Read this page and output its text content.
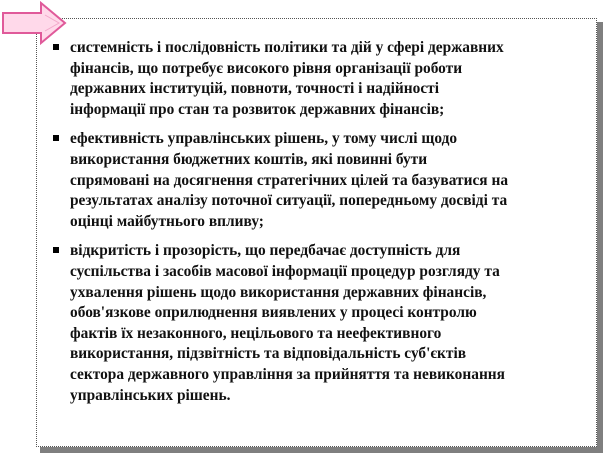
системність і послідовність політики та дій у сфері державних
фінансів, що потребує високого рівня організації роботи
державних інституцій, повноти, точності і надійності
інформації про стан та розвиток державних фінансів;
ефективність управлінських рішень, у тому числі щодо
використання бюджетних коштів, які повинні бути
спрямовані на досягнення стратегічних цілей та базуватися на
результатах аналізу поточної ситуації, попередньому досвіді та
оцінці майбутнього впливу;
відкритість і прозорість, що передбачає доступність для
суспільства і засобів масової інформації процедур розгляду та
ухвалення рішень щодо використання державних фінансів,
обов'язкове оприлюднення виявлених у процесі контролю
фактів їх незаконного, нецільового та неефективного
використання, підзвітність та відповідальність суб'єктів
сектора державного управління за прийняття та невиконання
управлінських рішень.
